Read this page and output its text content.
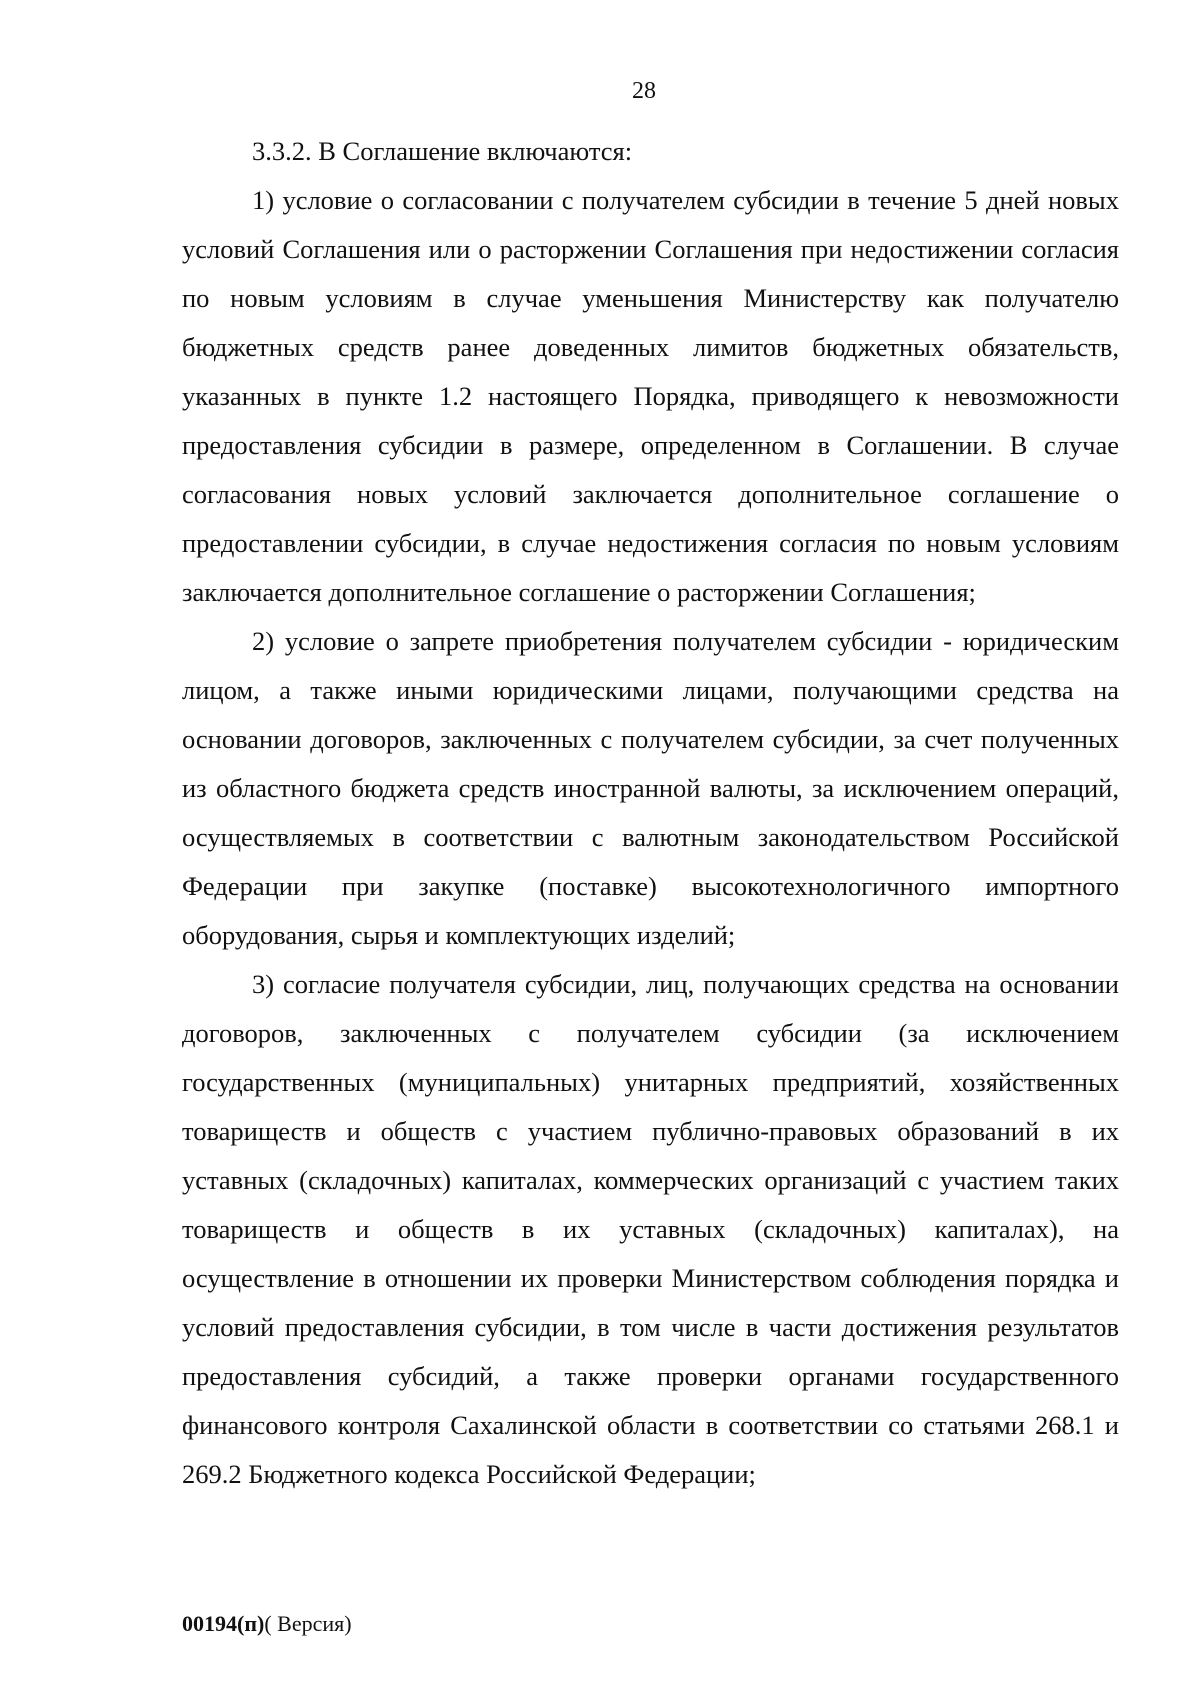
28

3.3.2. В Соглашение включаются:

1) условие о согласовании с получателем субсидии в течение 5 дней новых условий Соглашения или о расторжении Соглашения при недостижении согласия по новым условиям в случае уменьшения Министерству как получателю бюджетных средств ранее доведенных лимитов бюджетных обязательств, указанных в пункте 1.2 настоящего Порядка, приводящего к невозможности предоставления субсидии в размере, определенном в Соглашении. В случае согласования новых условий заключается дополнительное соглашение о предоставлении субсидии, в случае недостижения согласия по новым условиям заключается дополнительное соглашение о расторжении Соглашения;

2) условие о запрете приобретения получателем субсидии - юридическим лицом, а также иными юридическими лицами, получающими средства на основании договоров, заключенных с получателем субсидии, за счет полученных из областного бюджета средств иностранной валюты, за исключением операций, осуществляемых в соответствии с валютным законодательством Российской Федерации при закупке (поставке) высокотехнологичного импортного оборудования, сырья и комплектующих изделий;

3) согласие получателя субсидии, лиц, получающих средства на основании договоров, заключенных с получателем субсидии (за исключением государственных (муниципальных) унитарных предприятий, хозяйственных товариществ и обществ с участием публично-правовых образований в их уставных (складочных) капиталах, коммерческих организаций с участием таких товариществ и обществ в их уставных (складочных) капиталах), на осуществление в отношении их проверки Министерством соблюдения порядка и условий предоставления субсидии, в том числе в части достижения результатов предоставления субсидий, а также проверки органами государственного финансового контроля Сахалинской области в соответствии со статьями 268.1 и 269.2 Бюджетного кодекса Российской Федерации;

00194(п)( Версия)
